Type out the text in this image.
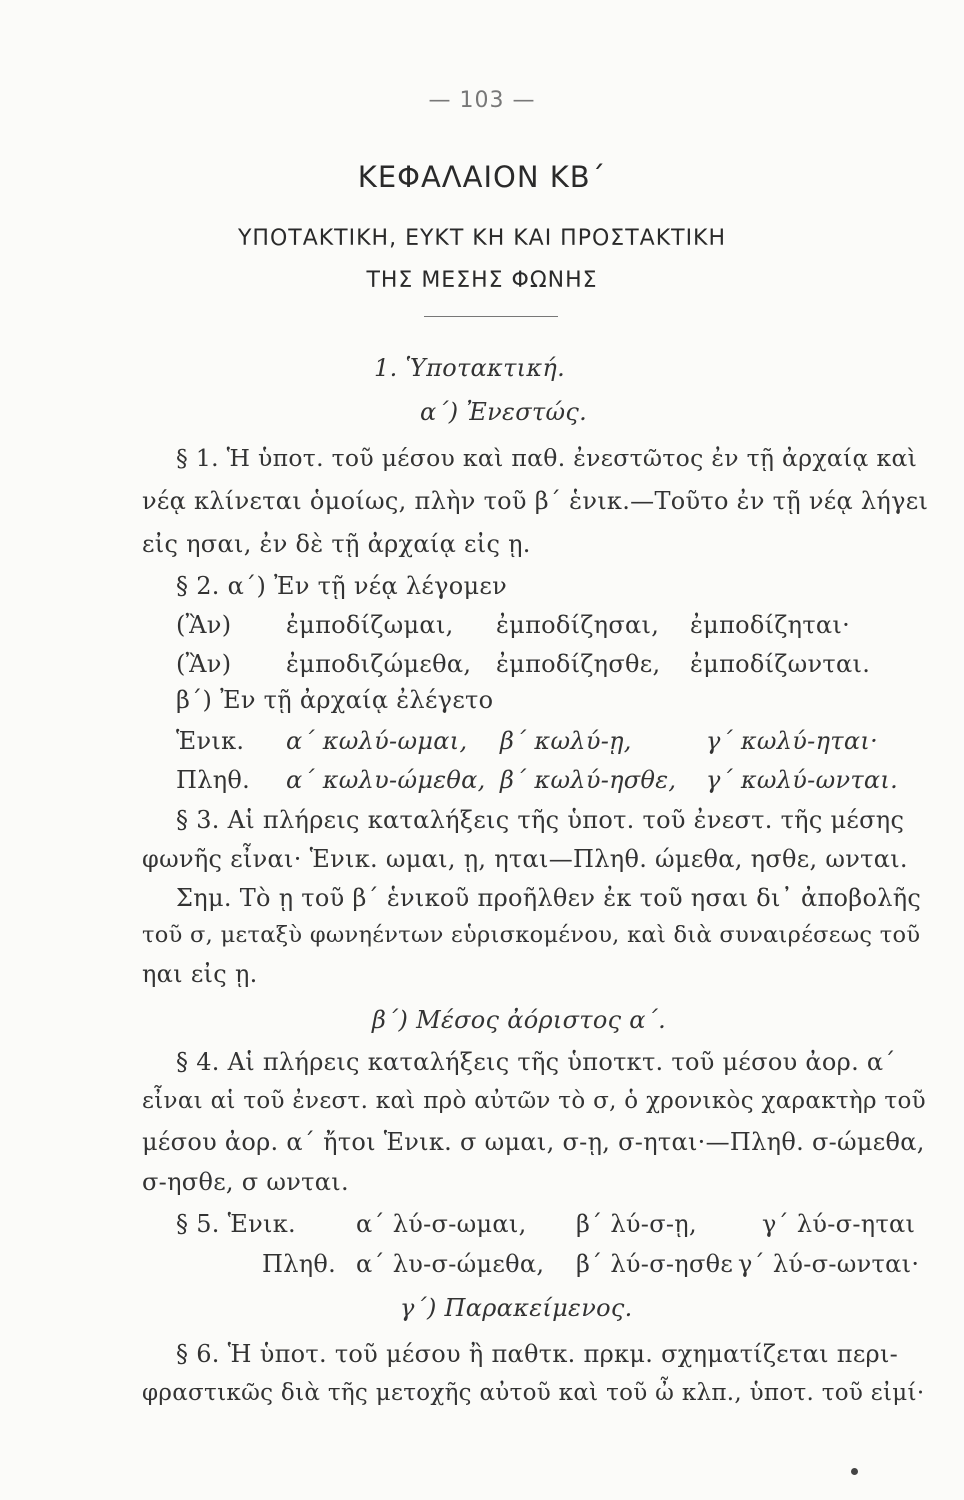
— 103 —
ΚΕΦΑΛΑΙΟΝ ΚΒ΄
ΥΠΟΤΑΚΤΙΚΗ, ΕΥΚΤ ΚΗ ΚΑΙ ΠΡΟΣΤΑΚΤΙΚΗ
ΤΗΣ ΜΕΣΗΣ ΦΩΝΗΣ
1. Ὑποτακτική.
α΄) Ἐνεστώς.
§ 1. Ἡ ὑποτ. τοῦ μέσου καὶ παθ. ἐνεστῶτος ἐν τῇ ἀρχαίᾳ καὶ
νέᾳ κλίνεται ὁμοίως, πλὴν τοῦ β΄ ἑνικ.—Τοῦτο ἐν τῇ νέᾳ λήγει
εἰς ησαι, ἐν δὲ τῇ ἀρχαίᾳ εἰς ῃ.
§ 2. α΄) Ἐν τῇ νέᾳ λέγομεν
(Ἂν) ἐμποδίζωμαι, ἐμποδίζησαι, ἐμποδίζηται·
(Ἂν) ἐμποδιζώμεθα, ἐμποδίζησθε, ἐμποδίζωνται.
β΄) Ἐν τῇ ἀρχαίᾳ ἐλέγετο
Ἑνικ. α΄ κωλύ-ωμαι, β΄ κωλύ-ῃ,	γ΄ κωλύ-ηται·
Πληθ. α΄ κωλυ-ώμεθα, β΄ κωλύ-ησθε, γ΄ κωλύ-ωνται.
§ 3. Αἱ πλήρεις καταλήξεις τῆς ὑποτ. τοῦ ἐνεστ. τῆς μέσης
φωνῆς εἶναι· Ἑνικ. ωμαι, ῃ, ηται—Πληθ. ώμεθα, ησθε, ωνται.
Σημ. Τὸ ῃ τοῦ β΄ ἑνικοῦ προῆλθεν ἐκ τοῦ ησαι δι᾽ ἀποβολῆς
τοῦ σ, μεταξὺ φωνηέντων εὑρισκομένου, καὶ διὰ συναιρέσεως τοῦ
ηαι εἰς ῃ.
β΄) Μέσος ἀόριστος α΄.
§ 4. Αἱ πλήρεις καταλήξεις τῆς ὑποτκτ. τοῦ μέσου ἀορ. α΄
εἶναι αἱ τοῦ ἐνεστ. καὶ πρὸ αὐτῶν τὸ σ, ὁ χρονικὸς χαρακτὴρ τοῦ
μέσου ἀορ. α΄ ἤτοι Ἑνικ. σ ωμαι, σ-ῃ, σ-ηται·—Πληθ. σ-ώμεθα,
σ-ησθε, σ ωνται.
§ 5. Ἑνικ.	α΄ λύ-σ-ωμαι, β΄ λύ-σ-ῃ,	γ΄ λύ-σ-ηται
Πληθ. α΄ λυ-σ-ώμεθα, β΄ λύ-σ-ησθε γ΄ λύ-σ-ωνται·
γ΄) Παρακείμενος.
§ 6. Ἡ ὑποτ. τοῦ μέσου ἢ παθτκ. πρκμ. σχηματίζεται περι-
φραστικῶς διὰ τῆς μετοχῆς αὐτοῦ καὶ τοῦ ὦ κλπ., ὑποτ. τοῦ εἰμί·
